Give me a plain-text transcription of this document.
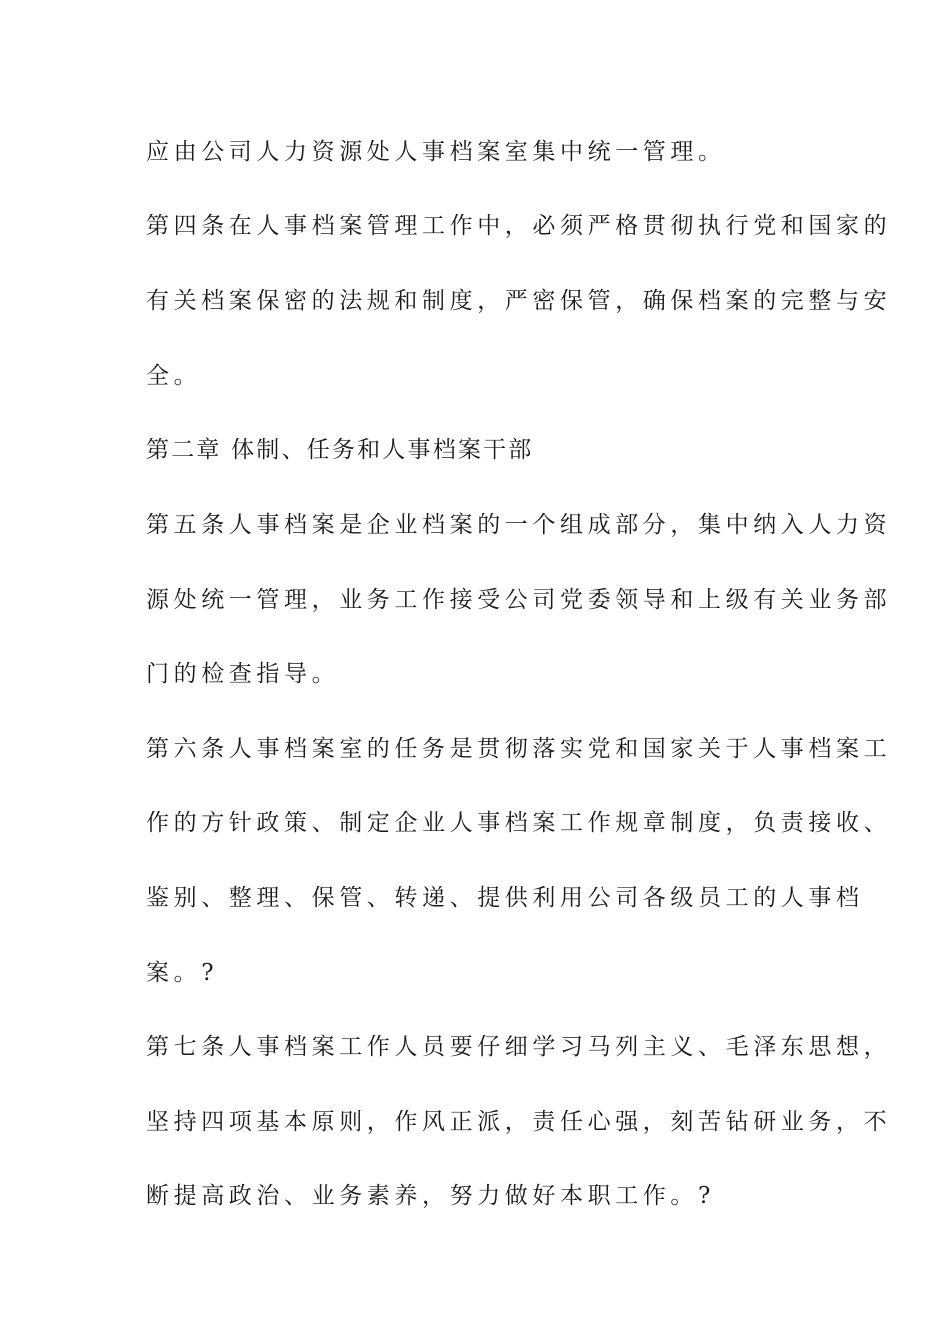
应由公司人力资源处人事档案室集中统一管理。
第四条在人事档案管理工作中，必须严格贯彻执行党和国家的
有关档案保密的法规和制度，严密保管，确保档案的完整与安
全。
第二章 体制、任务和人事档案干部
第五条人事档案是企业档案的一个组成部分，集中纳入人力资
源处统一管理，业务工作接受公司党委领导和上级有关业务部
门的检查指导。
第六条人事档案室的任务是贯彻落实党和国家关于人事档案工
作的方针政策、制定企业人事档案工作规章制度，负责接收、
鉴别、整理、保管、转递、提供利用公司各级员工的人事档
案。?
第七条人事档案工作人员要仔细学习马列主义、毛泽东思想，
坚持四项基本原则，作风正派，责任心强，刻苦钻研业务，不
断提高政治、业务素养，努力做好本职工作。?
